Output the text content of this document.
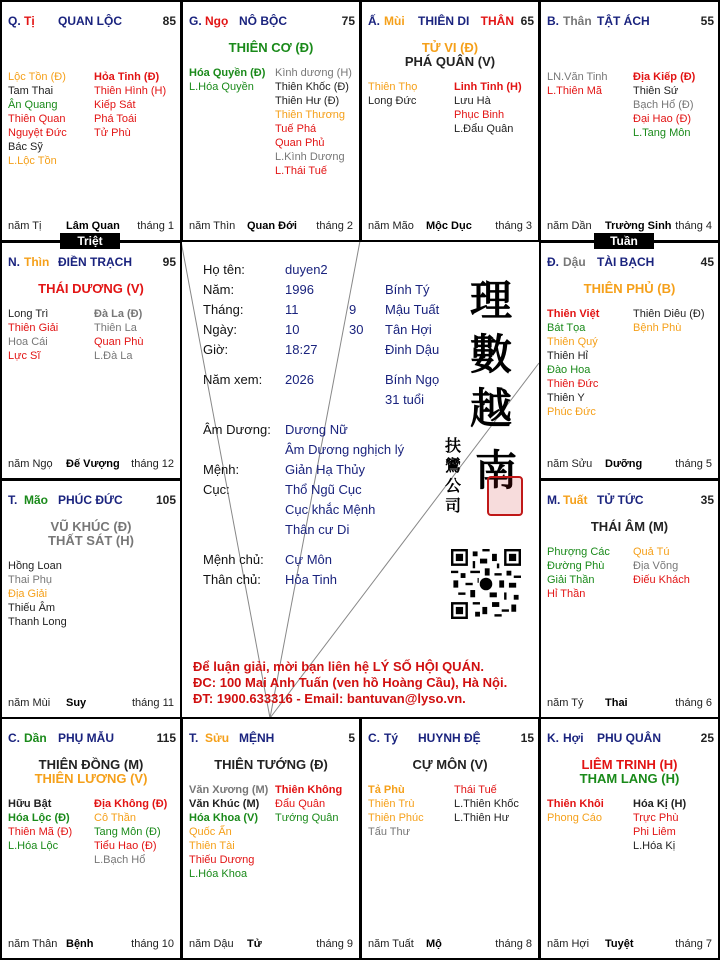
Q. Tị QUAN LỘC	85
Lộc Tồn (Đ)
Tam Thai
Ân Quang
Thiên Quan
Nguyệt Đức
Bác Sỹ
L.Lộc Tồn
Hỏa Tinh (Đ)
Thiên Hình (H)
Kiếp Sát
Phá Toái
Tử Phù
năm Tị Lâm Quan tháng 1
G. Ngọ NÔ BỘC	75
THIÊN CƠ (Đ)
Hóa Quyền (Đ)
L.Hóa Quyền
Kình dương (H)
Thiên Khốc (Đ)
Thiên Hư (Đ)
Thiên Thương
Tuế Phá
Quan Phủ
L.Kình Dương
L.Thái Tuế
năm Thìn Quan Đới tháng 2
Ấ. Mùi THIÊN DI THÂN 65
TỬ VI (Đ)
PHÁ QUÂN (V)
Thiên Thọ
Long Đức
Linh Tinh (H)
Lưu Hà
Phục Binh
L.Đẩu Quân
năm Mão Mộc Dục tháng 3
B. Thân TẬT ÁCH	55
LN.Văn Tinh
L.Thiên Mã
Địa Kiếp (Đ)
Thiên Sứ
Bạch Hổ (Đ)
Đại Hao (Đ)
L.Tang Môn
năm Dần Trường Sinh tháng 4
N. Thìn ĐIỀN TRẠCH	95
THÁI DƯƠNG (V)
Long Trì
Thiên Giải
Hoa Cái
Lực Sĩ
Đà La (Đ)
Thiên La
Quan Phù
L.Đà La
năm Ngọ Đế Vượng tháng 12
Đ. Dậu TÀI BẠCH	45
THIÊN PHỦ (B)
Thiên Việt
Bát Tọa
Thiên Quý
Thiên Hỉ
Đào Hoa
Thiên Đức
Thiên Y
Phúc Đức
Thiên Diêu (Đ)
Bệnh Phù
năm Sửu Dưỡng	tháng 5
T. Mão PHÚC ĐỨC	105
VŨ KHÚC (Đ)
THẤT SÁT (H)
Hồng Loan
Thai Phụ
Địa Giải
Thiếu Âm
Thanh Long
năm Mùi Suy	tháng 11
M. Tuất TỬ TỨC	35
THÁI ÂM (M)
Phượng Các
Đường Phù
Giải Thần
Hỉ Thần
Quả Tú
Địa Võng
Điếu Khách
năm Tý Thai	tháng 6
C. Dần PHỤ MẪU	115
THIÊN ĐỒNG (M)
THIÊN LƯƠNG (V)
Hữu Bật
Hóa Lộc (Đ)
Thiên Mã (Đ)
L.Hóa Lộc
Địa Không (Đ)
Cô Thần
Tang Môn (Đ)
Tiểu Hao (Đ)
L.Bạch Hổ
năm Thân Bệnh	tháng 10
T. Sửu MỆNH	5
THIÊN TƯỚNG (Đ)
Văn Xương (M)
Văn Khúc (M)
Hóa Khoa (V)
Quốc Ấn
Thiên Tài
Thiếu Dương
L.Hóa Khoa
Thiên Không
Đẩu Quân
Tướng Quân
năm Dậu Tử	tháng 9
C. Tý HUYNH ĐỆ	15
CỰ MÔN (V)
Tả Phù
Thiên Trù
Thiên Phúc
Tấu Thư
Thái Tuế
L.Thiên Khốc
L.Thiên Hư
năm Tuất Mộ	tháng 8
K. Hợi PHU QUÂN	25
LIÊM TRINH (H)
THAM LANG (H)
Thiên Khôi
Phong Cáo
Hóa Kị (H)
Trực Phù
Phi Liêm
L.Hóa Kị
năm Hợi Tuyệt	tháng 7
Triệt	Tuần
Họ tên:	duyen2
Năm:	1996	Bính Tý
Tháng:	11	9 Mậu Tuất
Ngày:	10	30 Tân Hợi
Giờ:	18:27	Đinh Dậu
Năm xem: 2026	Bính Ngọ
31 tuổi
Âm Dương: Dương Nữ
Âm Dương nghịch lý
Mệnh:	Giản Hạ Thủy
Cục:	Thổ Ngũ Cục
Cục khắc Mệnh
Thân cư Di
Mệnh chủ: Cự Môn
Thân chủ: Hỏa Tinh
理
數
越
扶
鸞
公
司
南
Để luận giải, mời bạn liên hệ LÝ SỐ HỘI QUÁN.
ĐC: 100 Mai Anh Tuấn (ven hồ Hoàng Cầu), Hà Nội.
ĐT: 1900.633316 - Email: bantuvan@lyso.vn.
